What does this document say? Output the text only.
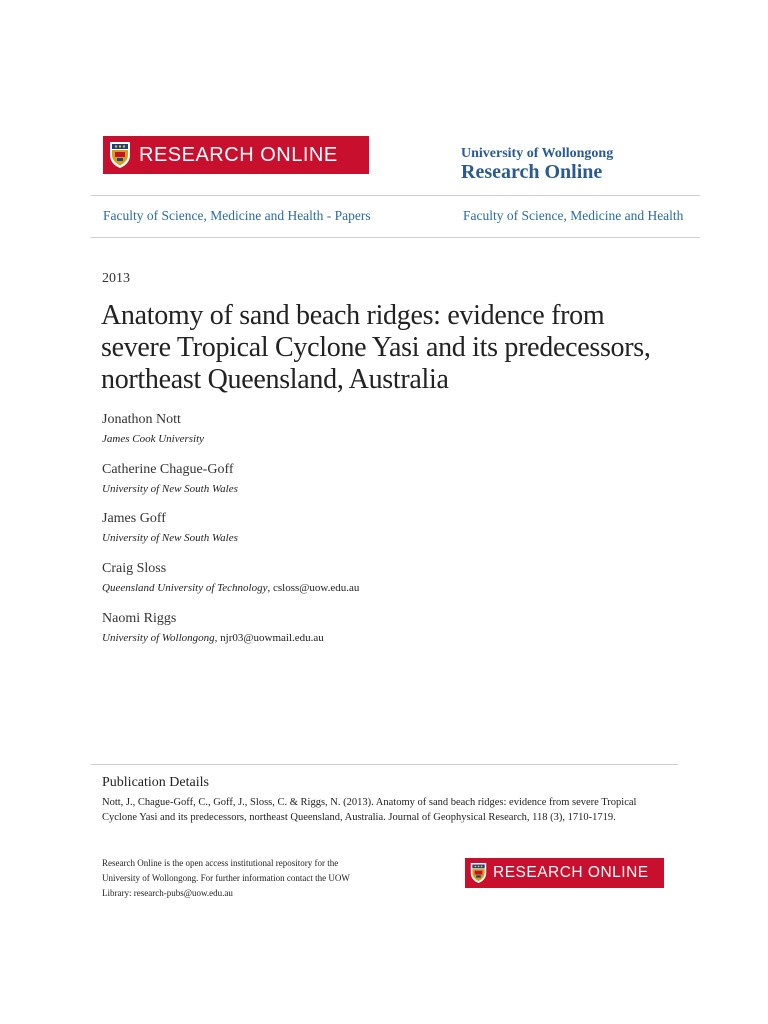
RESEARCH ONLINE	University of Wollongong
Research Online
Faculty of Science, Medicine and Health - Papers	Faculty of Science, Medicine and Health
2013
Anatomy of sand beach ridges: evidence from severe Tropical Cyclone Yasi and its predecessors, northeast Queensland, Australia
Jonathon Nott
James Cook University
Catherine Chague-Goff
University of New South Wales
James Goff
University of New South Wales
Craig Sloss
Queensland University of Technology, csloss@uow.edu.au
Naomi Riggs
University of Wollongong, njr03@uowmail.edu.au
Publication Details
Nott, J., Chague-Goff, C., Goff, J., Sloss, C. & Riggs, N. (2013). Anatomy of sand beach ridges: evidence from severe Tropical Cyclone Yasi and its predecessors, northeast Queensland, Australia. Journal of Geophysical Research, 118 (3), 1710-1719.
Research Online is the open access institutional repository for the University of Wollongong. For further information contact the UOW Library: research-pubs@uow.edu.au
RESEARCH ONLINE
